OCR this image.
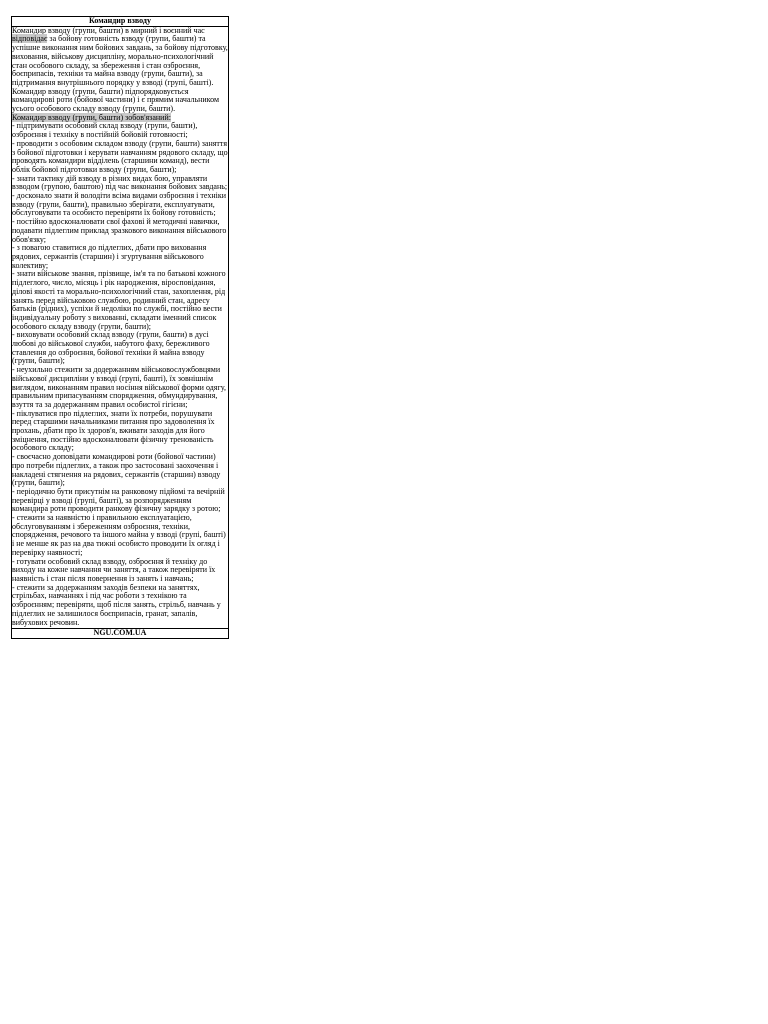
Командир взводу

Командир взводу (групи, башти) в мирний і воєнний час відповідає за бойову готовність взводу (групи, башти) та успішне виконання ним бойових завдань, за бойову підготовку, виховання, військову дисципліну, морально-психологічний стан особового складу, за збереження і стан озброєння, боєприпасів, техніки та майна взводу (групи, башти), за підтримання внутрішнього порядку у взводі (групі, башті).

Командир взводу (групи, башти) підпорядковується командирові роти (бойової частини) і є прямим начальником усього особового складу взводу (групи, башти).

Командир взводу (групи, башти) зобов'язаний:

- підтримувати особовий склад взводу (групи, башти), озброєння і техніку в постійній бойовій готовності;

- проводити з особовим складом взводу (групи, башти) заняття з бойової підготовки і керувати навчанням рядового складу, що проводять командири відділень (старшини команд), вести облік бойової підготовки взводу (групи, башти);

- знати тактику дій взводу в різних видах бою, управляти взводом (групою, баштою) під час виконання бойових завдань;

- досконало знати й володіти всіма видами озброєння і техніки взводу (групи, башти), правильно зберігати, експлуатувати, обслуговувати та особисто перевіряти їх бойову готовність;

- постійно вдосконалювати свої фахові й методичні навички, подавати підлеглим приклад зразкового виконання військового обов'язку;

- з повагою ставитися до підлеглих, дбати про виховання рядових, сержантів (старшин) і згуртування військового колективу;

- знати військове звання, прізвище, ім'я та по батькові кожного підлеглого, число, місяць і рік народження, віросповідання, ділові якості та морально-психологічний стан, захоплення, рід занять перед військовою службою, родинний стан, адресу батьків (рідних), успіхи й недоліки по службі, постійно вести індивідуальну роботу з вихованні, складати іменний список особового складу взводу (групи, башти);

- виховувати особовий склад взводу (групи, башти) в дусі любові до військової служби, набутого фаху, бережливого ставлення до озброєння, бойової техніки й майна взводу (групи, башти);

- неухильно стежити за додержанням військовослужбовцями військової дисципліни у взводі (групі, башті), їх зовнішнім виглядом, виконанням правил носіння військової форми одягу, правильним припасуванням спорядження, обмундирування, взуття та за додержанням правил особистої гігієни;

- піклуватися про підлеглих, знати їх потреби, порушувати перед старшими начальниками питання про задоволення їх прохань, дбати про їх здоров'я, вживати заходів для його зміцнення, постійно вдосконалювати фізичну тренованість особового складу;

- своєчасно доповідати командирові роти (бойової частини) про потреби підлеглих, а також про застосовані заохочення і накладені стягнення на рядових, сержантів (старшин) взводу (групи, башти);

- періодично бути присутнім на ранковому підйомі та вечірній перевірці у взводі (групі, башті), за розпорядженням командира роти проводити ранкову фізичну зарядку з ротою;

- стежити за наявністю і правильною експлуатацією, обслуговуванням і збереженням озброєння, техніки, спорядження, речового та іншого майна у взводі (групі, башті) і не менше як раз на два тижні особисто проводити їх огляд і перевірку наявності;

- готувати особовий склад взводу, озброєння й техніку до виходу на кожне навчання чи заняття, а також перевіряти їх наявність і стан після повернення із занять і навчань;

- стежити за додержанням заходів безпеки на заняттях, стрільбах, навчаннях і під час роботи з технікою та озброєнням; перевіряти, щоб після занять, стрільб, навчань у підлеглих не залишилося боєприпасів, гранат, запалів, вибухових речовин.

NGU.COM.UA
